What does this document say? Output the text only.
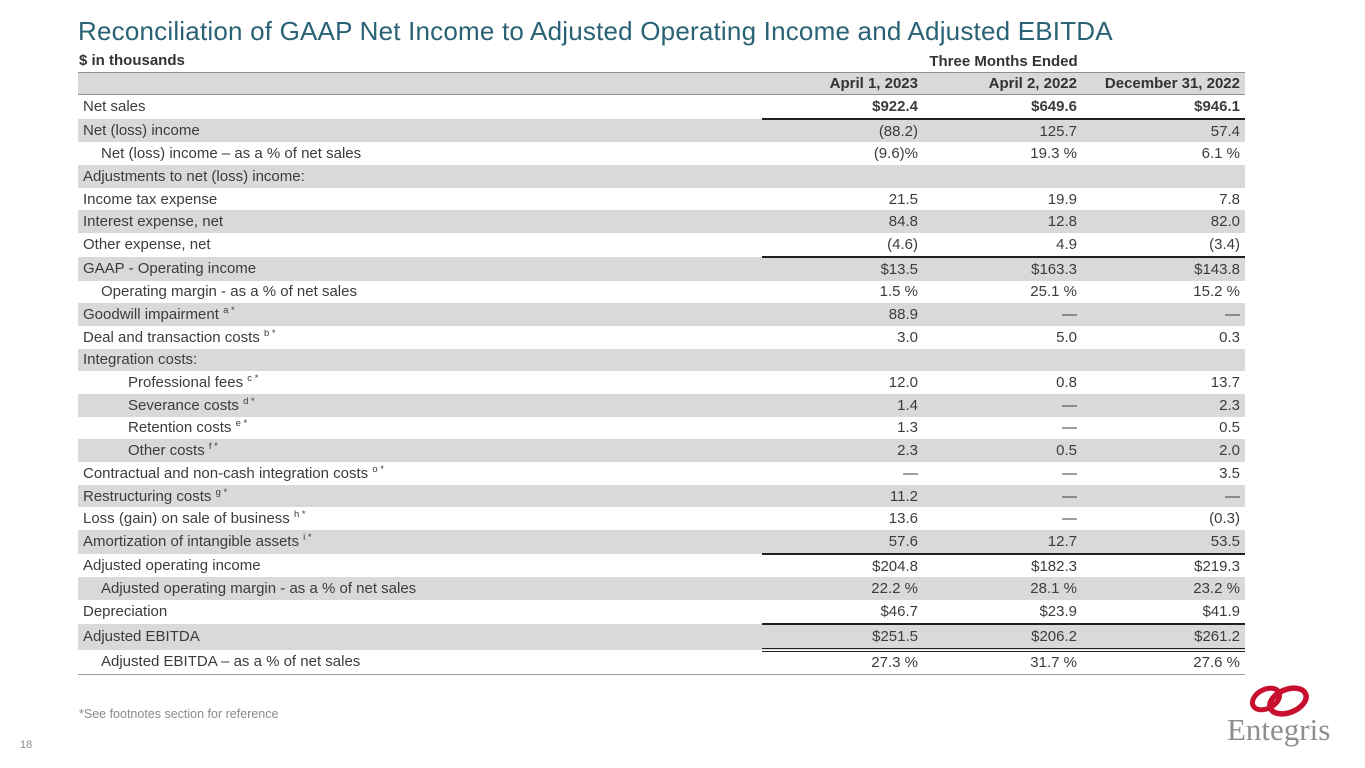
Reconciliation of GAAP Net Income to Adjusted Operating Income and Adjusted EBITDA
$ in thousands	Three Months Ended
	April 1, 2023	April 2, 2022	December 31, 2022
Net sales	$922.4	$649.6	$946.1
Net (loss) income	(88.2)	125.7	57.4
Net (loss) income – as a % of net sales	(9.6)%	19.3 %	6.1 %
Adjustments to net (loss) income:			
Income tax expense	21.5	19.9	7.8
Interest expense, net	84.8	12.8	82.0
Other expense, net	(4.6)	4.9	(3.4)
GAAP - Operating income	$13.5	$163.3	$143.8
Operating margin - as a % of net sales	1.5 %	25.1 %	15.2 %
Goodwill impairment $^{a *}$	88.9	—	—
Deal and transaction costs $^{b *}$	3.0	5.0	0.3
Integration costs:			
Professional fees $^{c *}$	12.0	0.8	13.7
Severance costs $^{d *}$	1.4	—	2.3
Retention costs $^{e *}$	1.3	—	0.5
Other costs $^{f *}$	2.3	0.5	2.0
Contractual and non-cash integration costs $^{o *}$	—	—	3.5
Restructuring costs $^{g *}$	11.2	—	—
Loss (gain) on sale of business $^{h *}$	13.6	—	(0.3)
Amortization of intangible assets $^{i *}$	57.6	12.7	53.5
Adjusted operating income	$204.8	$182.3	$219.3
Adjusted operating margin - as a % of net sales	22.2 %	28.1 %	23.2 %
Depreciation	$46.7	$23.9	$41.9
Adjusted EBITDA	$251.5	$206.2	$261.2
Adjusted EBITDA – as a % of net sales	27.3 %	31.7 %	27.6 %
*See footnotes section for reference
18	Entegris
